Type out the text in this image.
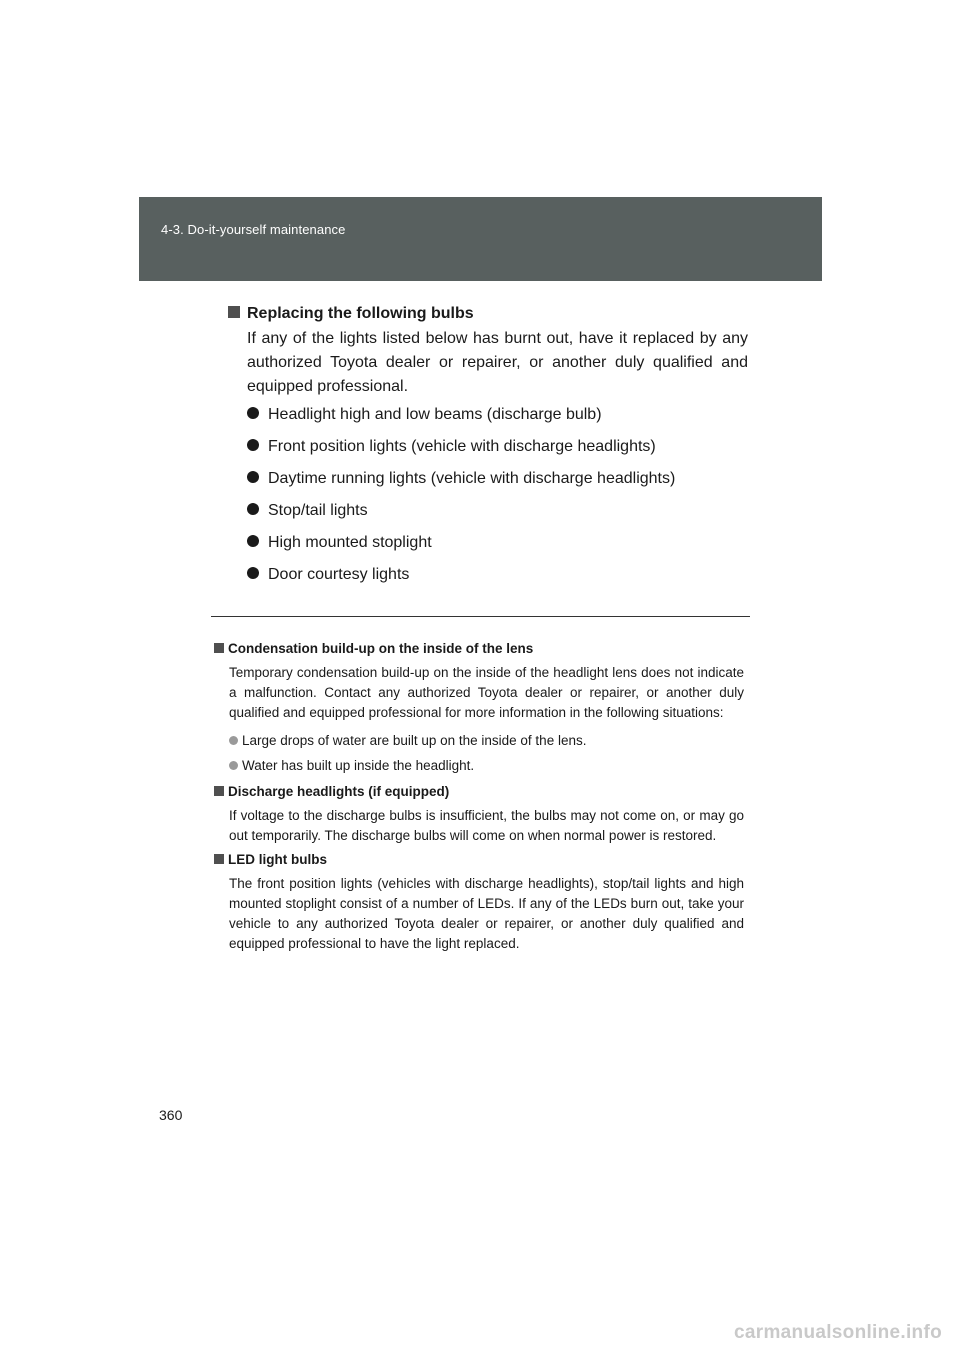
4-3. Do-it-yourself maintenance
Replacing the following bulbs

If any of the lights listed below has burnt out, have it replaced by any authorized Toyota dealer or repairer, or another duly qualified and equipped professional.

Headlight high and low beams (discharge bulb)
Front position lights (vehicle with discharge headlights)
Daytime running lights (vehicle with discharge headlights)
Stop/tail lights
High mounted stoplight
Door courtesy lights
Condensation build-up on the inside of the lens

Temporary condensation build-up on the inside of the headlight lens does not indicate a malfunction. Contact any authorized Toyota dealer or repairer, or another duly qualified and equipped professional for more information in the following situations:

Large drops of water are built up on the inside of the lens.
Water has built up inside the headlight.
Discharge headlights (if equipped)

If voltage to the discharge bulbs is insufficient, the bulbs may not come on, or may go out temporarily. The discharge bulbs will come on when normal power is restored.

LED light bulbs

The front position lights (vehicles with discharge headlights), stop/tail lights and high mounted stoplight consist of a number of LEDs. If any of the LEDs burn out, take your vehicle to any authorized Toyota dealer or repairer, or another duly qualified and equipped professional to have the light replaced.

360
carmanualsonline.info
